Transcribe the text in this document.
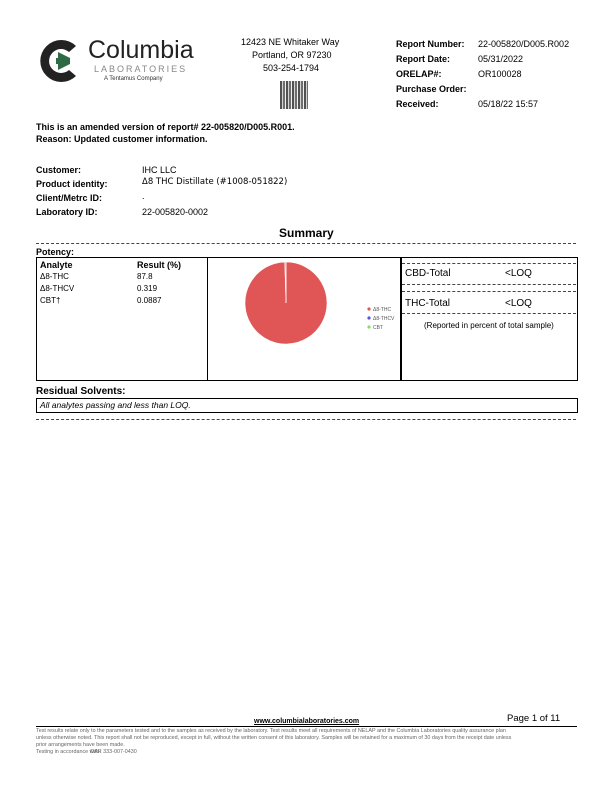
Columbia
LABORATORIES
A Tentamus Company
12423 NE Whitaker Way
Portland, OR 97230
503-254-1794
Report Number: 22-005820/D005.R002
Report Date:	05/31/2022
ORELAP#:	OR100028
Purchase Order:
Received:	05/18/22 15:57
This is an amended version of report# 22-005820/D005.R001.
Reason: Updated customer information.
Customer:	IHC LLC
Product identity:	Δ8 THC Distillate (#1008-051822)
Client/Metrc ID:	.
Laboratory ID:	22-005820-0002
Summary
Potency:
Analyte	Result (%)
Δ8-THC	87.8
Δ8-THCV	0.319
CBT†	0.0887
Δ8-THC
Δ8-THCV
CBT
CBD-Total	<LOQ
THC-Total	<LOQ
(Reported in percent of total sample)
Residual Solvents:
All analytes passing and less than LOQ.
Page 1 of 11
www.columbialaboratories.com
Test results relate only to the parameters tested and to the samples as received by the laboratory. Test results meet all requirements of NELAP and the Columbia Laboratories quality assurance plan
unless otherwise noted. This report shall not be reproduced, except in full, without the written consent of this laboratory. Samples will be retained for a maximum of 30 days from the receipt date unless
prior arrangements have been made.
Testing in accordance with:
OAR 333-007-0430
